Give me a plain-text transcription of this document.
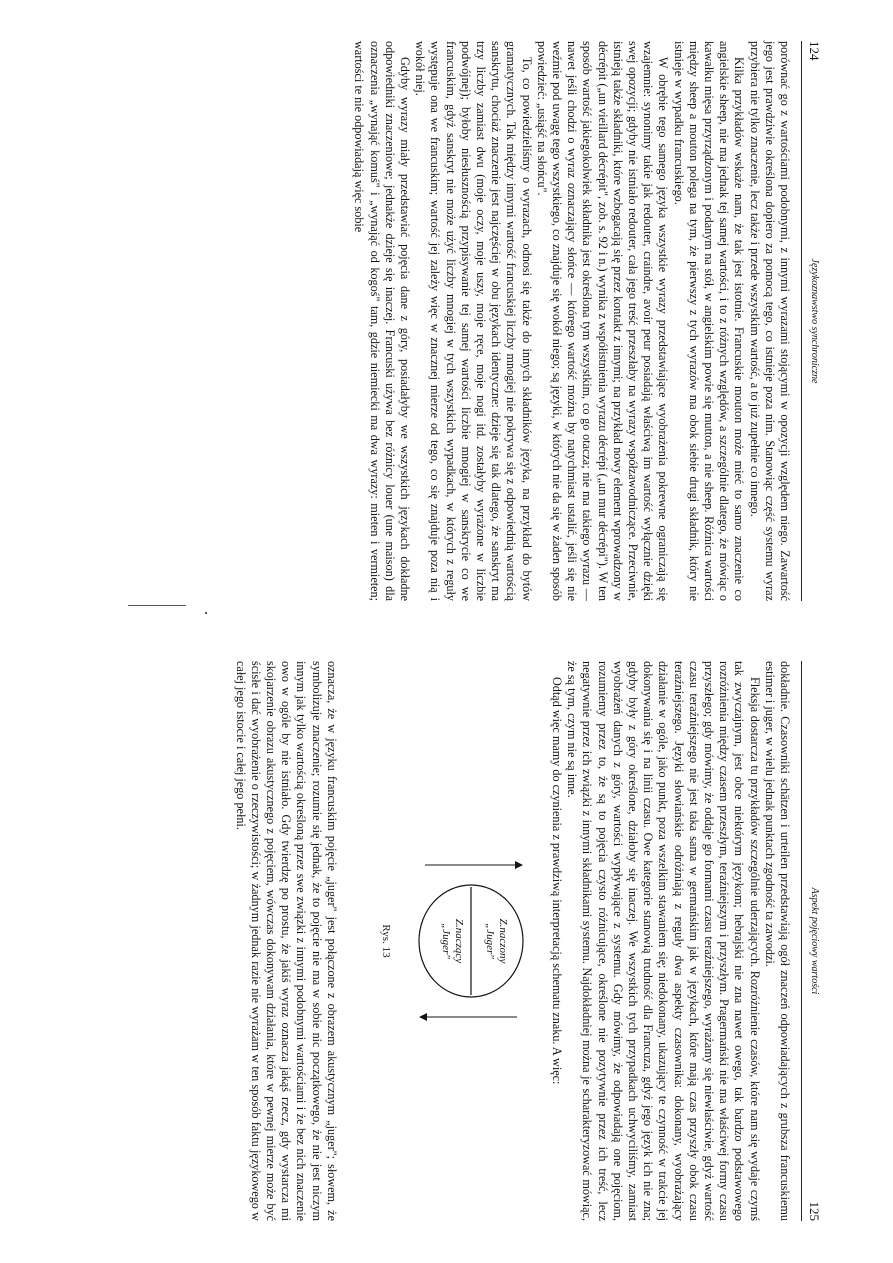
124
Językoznawstwo synchroniczne

porównać go z wartościami podobnymi, z innymi wyrazami stojącymi w opozycji względem niego. Zawartość jego jest prawdziwie określona dopiero za pomocą tego, co istnieje poza nim. Stanowiąc część systemu wyraz przybiera nie tylko znaczenie, lecz także i przede wszystkim wartość, a to już zupełnie co innego.

Kilka przykładów wskaże nam, że tak jest istotnie. Francuskie mouton może mieć to samo znaczenie co angielskie sheep, nie ma jednak tej samej wartości, i to z różnych względów, a szczególnie dlatego, że mówiąc o kawałku mięsa przyrządzonym i podanym na stół, w angielskim powie się mutton, a nie sheep. Różnica wartości między sheep a mouton polega na tym, że pierwszy z tych wyrazów ma obok siebie drugi składnik, który nie istnieje w wypadku francuskiego.

W obrębie tego samego języka wszystkie wyrazy przedstawiające wyobrażenia pokrewne ograniczają się wzajemnie: synonimy takie jak redouter, craindre, avoir peur posiadają właściwą im wartość wyłącznie dzięki swej opozycji; gdyby nie istniało redouter, cała jego treść przeszłaby na wyrazy współzawodniczące. Przeciwnie, istnieją także składniki, które wzbogacają się przez kontakt z innymi; na przykład nowy element wprowadzony w décrépit („un vieillard décrépit", zob. s. 92 i n.) wynika z współistnienia wyrazu décrépi („un mur décrépi"). W ten sposób wartość jakiegokolwiek składnika jest określona tym wszystkim, co go otacza; nie ma takiego wyrazu — nawet jeśli chodzi o wyraz oznaczający słońce — którego wartość można by natychmiast ustalić, jeśli się nie weźmie pod uwagę tego wszystkiego, co znajduje się wokół niego; są języki, w których nie da się w żaden sposób powiedzieć: „usiąść na słońcu".

To, co powiedzieliśmy o wyrazach, odnosi się także do innych składników języka, na przykład do bytów gramatycznych. Tak między innymi wartość francuskiej liczby mnogiej nie pokrywa się z odpowiednią wartością sanskrytu, chociaż znaczenie jest najczęściej w obu językach identyczne: dzieje się tak dlatego, że sanskryt ma trzy liczby zamiast dwu (moje oczy, moje uszy, moje ręce, moje nogi itd. zostałyby wyrażone w liczbie podwójnej); byłoby niesłusznością przypisywanie tej samej wartości liczbie mnogiej w sanskrycie co we francuskim, gdyż sanskryt nie może użyć liczby mnogiej w tych wszystkich wypadkach, w których z reguły występuje ona we francuskim; wartość jej zależy więc w znacznej mierze od tego, co się znajduje poza nią i wokół niej.

Gdyby wyrazy miały przedstawiać pojęcia dane z góry, posiadałyby we wszystkich językach dokładne odpowiedniki znaczeniowe; jednakże dzieje się inaczej. Francuski używa bez różnicy louer (une maison) dla oznaczenia „wynająć komuś" i „wynająć od kogoś" tam, gdzie niemiecki ma dwa wyrazy: mieten i vermieten; wartości te nie odpowiadają więc sobie

Aspekt pojęciowy wartości
125

dokładnie. Czasowniki schätzen i urteilen przedstawiają ogół znaczeń odpowiadających z grubsza francuskiemu estimer i juger, w wielu jednak punktach zgodność ta zawodzi.

Fleksja dostarcza tu przykładów szczególnie uderzających. Rozróżnienie czasów, które nam się wydaje czymś tak zwyczajnym, jest obce niektórym językom; hebrajski nie zna nawet owego, tak bardzo podstawowego rozróżnienia między czasem przeszłym, teraźniejszym i przyszłym. Pragermański nie ma właściwej formy czasu przyszłego; gdy mówimy, że oddaje go formami czasu teraźniejszego, wyrażamy się niewłaściwie, gdyż wartość czasu teraźniejszego nie jest taka sama w germańskim jak w językach, które mają czas przyszły obok czasu teraźniejszego. Języki słowiańskie odróżniają z reguły dwa aspekty czasownika: dokonany, wyobrażający działanie w ogóle, jako punkt, poza wszelkim stawaniem się; niedokonany, ukazujący te czynność w trakcie jej dokonywania się i na linii czasu. Owe kategorie stanowią trudność dla Francuza, gdyż jego język ich nie zna; gdyby były z góry określone, działoby się inaczej. We wszystkich tych przypadkach uchwyciliśmy, zamiast wyobrażeń danych z góry, wartości wypływające z systemu. Gdy mówimy, że odpowiadają one pojęciom, rozumiemy przez to, że są to pojęcia czysto różnicujące, określone nie pozytywnie przez ich treść, lecz negatywnie przez ich związki z innymi składnikami systemu. Najdokładniej można je scharakteryzować mówiąc, że są tym, czym nie są inne.

Odtąd więc mamy do czynienia z prawdziwą interpretacją schematu znaku. A więc:

Z.naczony
„Juger"
Z.naczący
„Juger"
Rys. 13

oznacza, że w języku francuskim pojęcie „juger" jest połączone z obrazem akustycznym „juger"; słowem, że symbolizuje znaczenie; rozumie się jednak, że to pojęcie nie ma w sobie nic początkowego, że nie jest niczym innym jak tylko wartością określoną przez swe związki z innymi podobnymi wartościami i że bez nich znaczenie owo w ogóle by nie istniało. Gdy twierdzę po prostu, że jakiś wyraz oznacza jakąś rzecz, gdy wystarcza mi skojarzenie obrazu akustycznego z pojęciem, wówczas dokonywam działania, które w pewnej mierze może być ścisłe i dać wyobrażenie o rzeczywistości; w żadnym jednak razie nie wyrażam w ten sposób faktu językowego w całej jego istocie i całej jego pełni.
